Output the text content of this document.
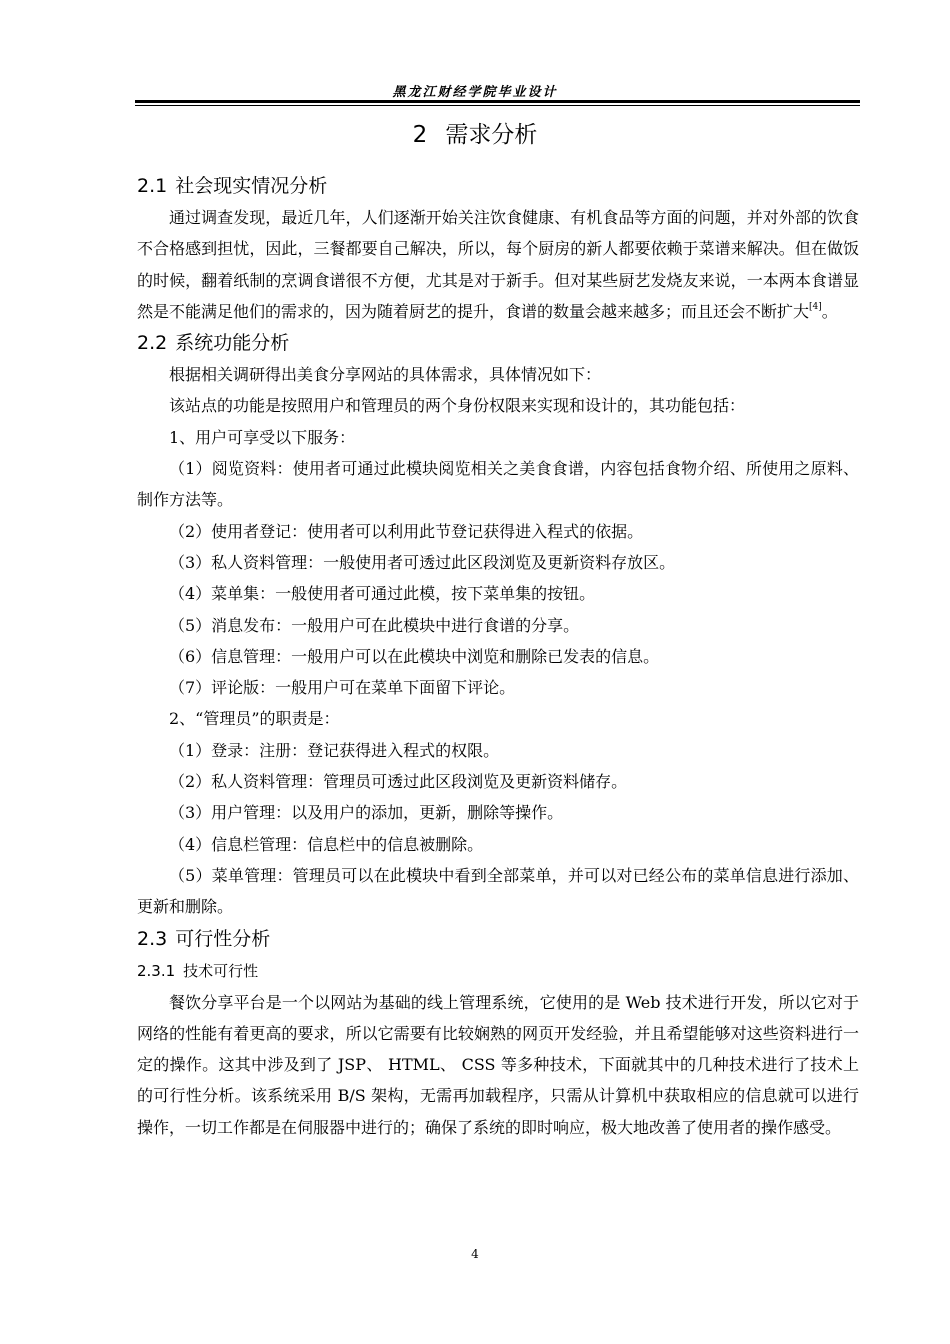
黑龙江财经学院毕业设计
2 需求分析
2.1 社会现实情况分析

通过调查发现，最近几年，人们逐渐开始关注饮食健康、有机食品等方面的问题，并对外部的饮食不合格感到担忧，因此，三餐都要自己解决，所以，每个厨房的新人都要依赖于菜谱来解决。但在做饭的时候，翻着纸制的烹调食谱很不方便，尤其是对于新手。但对某些厨艺发烧友来说，一本两本食谱显然是不能满足他们的需求的，因为随着厨艺的提升，食谱的数量会越来越多；而且还会不断扩大[4]。

2.2 系统功能分析

根据相关调研得出美食分享网站的具体需求，具体情况如下：

该站点的功能是按照用户和管理员的两个身份权限来实现和设计的，其功能包括：

1、用户可享受以下服务：

（1）阅览资料：使用者可通过此模块阅览相关之美食食谱，内容包括食物介绍、所使用之原料、制作方法等。

（2）使用者登记：使用者可以利用此节登记获得进入程式的依据。

（3）私人资料管理：一般使用者可透过此区段浏览及更新资料存放区。

（4）菜单集：一般使用者可通过此模，按下菜单集的按钮。

（5）消息发布：一般用户可在此模块中进行食谱的分享。

（6）信息管理：一般用户可以在此模块中浏览和删除已发表的信息。

（7）评论版：一般用户可在菜单下面留下评论。

2、“管理员”的职责是：

（1）登录：注册：登记获得进入程式的权限。

（2）私人资料管理：管理员可透过此区段浏览及更新资料储存。

（3）用户管理：以及用户的添加，更新，删除等操作。

（4）信息栏管理：信息栏中的信息被删除。

（5）菜单管理：管理员可以在此模块中看到全部菜单，并可以对已经公布的菜单信息进行添加、更新和删除。

2.3 可行性分析
2.3.1 技术可行性

餐饮分享平台是一个以网站为基础的线上管理系统，它使用的是 Web 技术进行开发，所以它对于网络的性能有着更高的要求，所以它需要有比较娴熟的网页开发经验，并且希望能够对这些资料进行一定的操作。这其中涉及到了 JSP、 HTML、 CSS 等多种技术，下面就其中的几种技术进行了技术上的可行性分析。该系统采用 B/S 架构，无需再加载程序，只需从计算机中获取相应的信息就可以进行操作，一切工作都是在伺服器中进行的；确保了系统的即时响应，极大地改善了使用者的操作感受。

4
